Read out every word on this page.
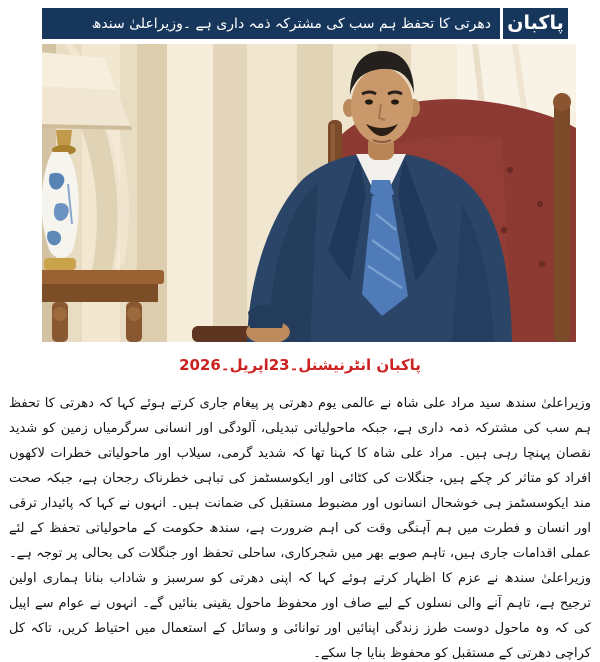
پاکبان
دھرتی کا تحفظ ہم سب کی مشترکہ ذمہ داری ہے ۔وزیراعلیٰ سندھ
پاکبان انٹرنیشنل۔23اپریل۔2026
وزیراعلیٰ سندھ سید مراد علی شاہ نے عالمی یوم دھرتی پر پیغام جاری کرتے ہوئے کہا کہ دھرتی کا تحفظ ہم سب کی مشترکہ ذمہ داری ہے، جبکہ ماحولیاتی تبدیلی، آلودگی اور انسانی سرگرمیاں زمین کو شدید نقصان پہنچا رہی ہیں۔ مراد علی شاہ کا کہنا تھا کہ شدید گرمی، سیلاب اور ماحولیاتی خطرات لاکھوں افراد کو متاثر کر چکے ہیں، جنگلات کی کٹائی اور ایکوسسٹمز کی تباہی خطرناک رجحان ہے، جبکہ صحت مند ایکوسسٹمز ہی خوشحال انسانوں اور مضبوط مستقبل کی ضمانت ہیں۔ انہوں نے کہا کہ پائیدار ترقی اور انسان و فطرت میں ہم آہنگی وقت کی اہم ضرورت ہے، سندھ حکومت کے ماحولیاتی تحفظ کے لئے عملی اقدامات جاری ہیں، تاہم صوبے بھر میں شجرکاری، ساحلی تحفظ اور جنگلات کی بحالی پر توجہ ہے۔ وزیراعلیٰ سندھ نے عزم کا اظہار کرتے ہوئے کہا کہ اپنی دھرتی کو سرسبز و شاداب بنانا ہماری اولین ترجیح ہے، تاہم آنے والی نسلوں کے لیے صاف اور محفوظ ماحول یقینی بنائیں گے۔ انہوں نے عوام سے اپیل کی کہ وہ ماحول دوست طرز زندگی اپنائیں اور توانائی و وسائل کے استعمال میں احتیاط کریں، تاکہ کل کراچی دھرتی کے مستقبل کو محفوظ بنایا جا سکے۔
